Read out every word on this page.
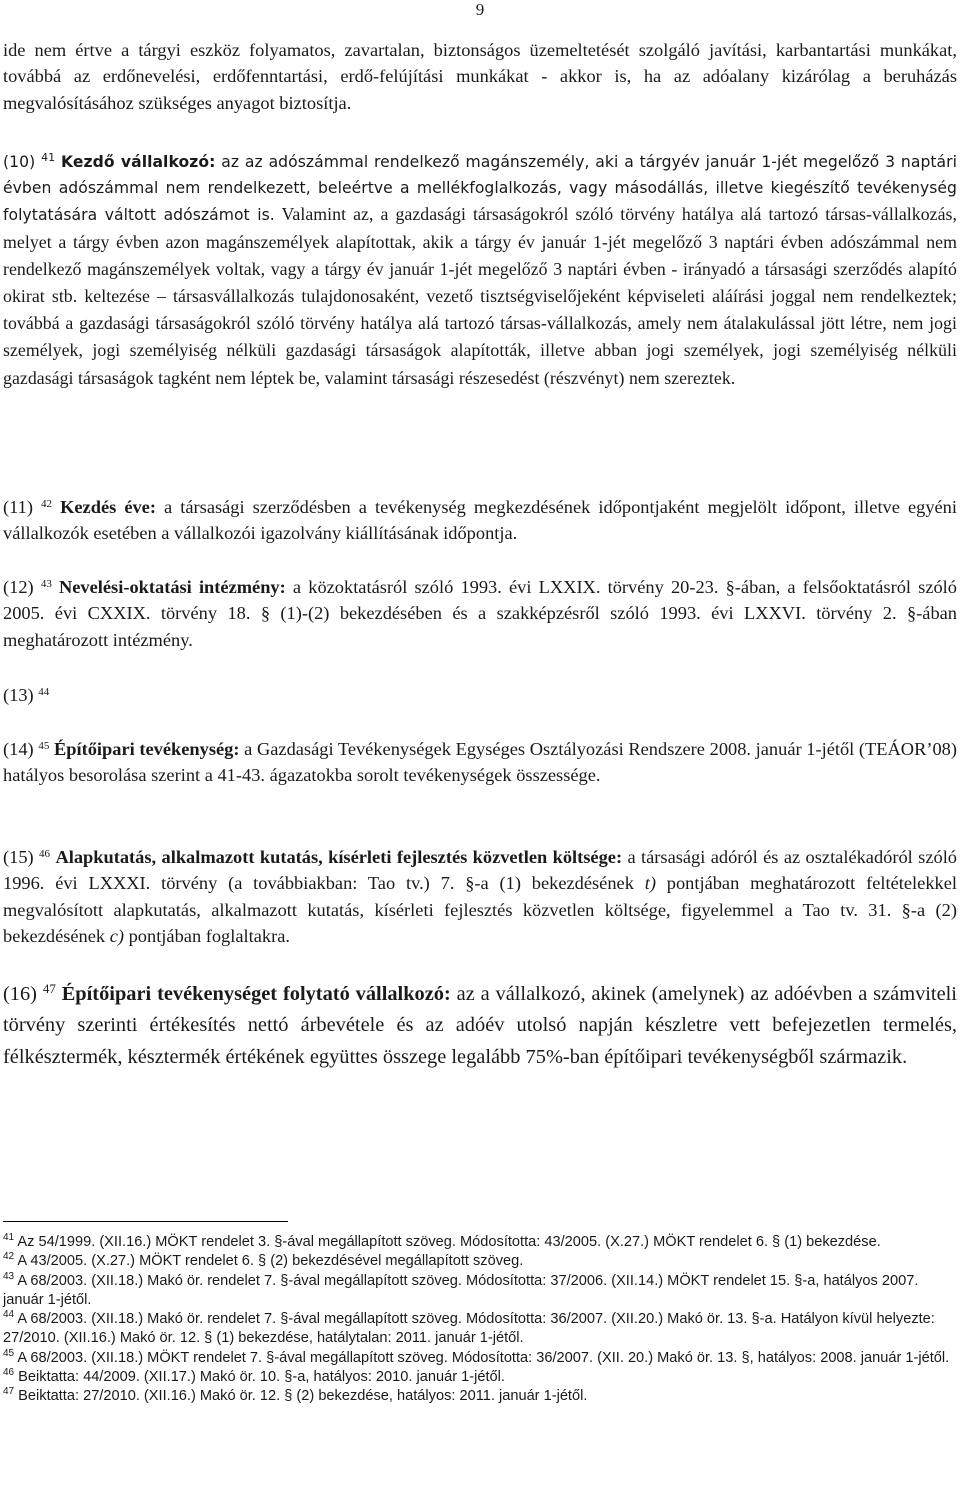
9
ide nem értve a tárgyi eszköz folyamatos, zavartalan, biztonságos üzemeltetését szolgáló javítási, karbantartási munkákat, továbbá az erdőnevelési, erdőfenntartási, erdő-felújítási munkákat - akkor is, ha az adóalany kizárólag a beruházás megvalósításához szükséges anyagot biztosítja.
(10) $^{41}$ Kezdő vállalkozó: az az adószámmal rendelkező magánszemély, aki a tárgyév január 1-jét megelőző 3 naptári évben adószámmal nem rendelkezett, beleértve a mellékfoglalkozás, vagy másodállás, illetve kiegészítő tevékenység folytatására váltott adószámot is. Valamint az, a gazdasági társaságokról szóló törvény hatálya alá tartozó társas-vállalkozás, melyet a tárgy évben azon magánszemélyek alapítottak, akik a tárgy év január 1-jét megelőző 3 naptári évben adószámmal nem rendelkező magánszemélyek voltak, vagy a tárgy év január 1-jét megelőző 3 naptári évben - irányadó a társasági szerződés alapító okirat stb. keltezése – társasvállalkozás tulajdonosaként, vezető tisztségviselőjeként képviseleti aláírási joggal nem rendelkeztek; továbbá a gazdasági társaságokról szóló törvény hatálya alá tartozó társas-vállalkozás, amely nem átalakulással jött létre, nem jogi személyek, jogi személyiség nélküli gazdasági társaságok alapították, illetve abban jogi személyek, jogi személyiség nélküli gazdasági társaságok tagként nem léptek be, valamint társasági részesedést (részvényt) nem szereztek.
(11) $^{42}$ Kezdés éve: a társasági szerződésben a tevékenység megkezdésének időpontjaként megjelölt időpont, illetve egyéni vállalkozók esetében a vállalkozói igazolvány kiállításának időpontja.
(12) $^{43}$ Nevelési-oktatási intézmény: a közoktatásról szóló 1993. évi LXXIX. törvény 20-23. §-ában, a felsőoktatásról szóló 2005. évi CXXIX. törvény 18. § (1)-(2) bekezdésében és a szakképzésről szóló 1993. évi LXXVI. törvény 2. §-ában meghatározott intézmény.
(13) $^{44}$
(14) $^{45}$ Építőipari tevékenység: a Gazdasági Tevékenységek Egységes Osztályozási Rendszere 2008. január 1-jétől (TEÁOR’08) hatályos besorolása szerint a 41-43. ágazatokba sorolt tevékenységek összessége.
(15) $^{46}$ Alapkutatás, alkalmazott kutatás, kísérleti fejlesztés közvetlen költsége: a társasági adóról és az osztalékadóról szóló 1996. évi LXXXI. törvény (a továbbiakban: Tao tv.) 7. §-a (1) bekezdésének t) pontjában meghatározott feltételekkel megvalósított alapkutatás, alkalmazott kutatás, kísérleti fejlesztés közvetlen költsége, figyelemmel a Tao tv. 31. §-a (2) bekezdésének c) pontjában foglaltakra.
(16) $^{47}$ Építőipari tevékenységet folytató vállalkozó: az a vállalkozó, akinek (amelynek) az adóévben a számviteli törvény szerinti értékesítés nettó árbevétele és az adóév utolsó napján készletre vett befejezetlen termelés, félkésztermék, késztermék értékének együttes összege legalább 75%-ban építőipari tevékenységből származik.

$^{41}$ Az 54/1999. (XII.16.) MÖKT rendelet 3. §-ával megállapított szöveg. Módosította: 43/2005. (X.27.) MÖKT rendelet 6. § (1) bekezdése.

$^{42}$ A 43/2005. (X.27.) MÖKT rendelet 6. § (2) bekezdésével megállapított szöveg.

$^{43}$ A 68/2003. (XII.18.) Makó ör. rendelet 7. §-ával megállapított szöveg. Módosította: 37/2006. (XII.14.) MÖKT rendelet 15. §-a, hatályos 2007. január 1-jétől.

$^{44}$ A 68/2003. (XII.18.) Makó ör. rendelet 7. §-ával megállapított szöveg. Módosította: 36/2007. (XII.20.) Makó ör. 13. §-a. Hatályon kívül helyezte: 27/2010. (XII.16.) Makó ör. 12. § (1) bekezdése, hatálytalan: 2011. január 1-jétől.

$^{45}$ A 68/2003. (XII.18.) MÖKT rendelet 7. §-ával megállapított szöveg. Módosította: 36/2007. (XII. 20.) Makó ör. 13. §, hatályos: 2008. január 1-jétől.

$^{46}$ Beiktatta: 44/2009. (XII.17.) Makó ör. 10. §-a, hatályos: 2010. január 1-jétől.

$^{47}$ Beiktatta: 27/2010. (XII.16.) Makó ör. 12. § (2) bekezdése, hatályos: 2011. január 1-jétől.
